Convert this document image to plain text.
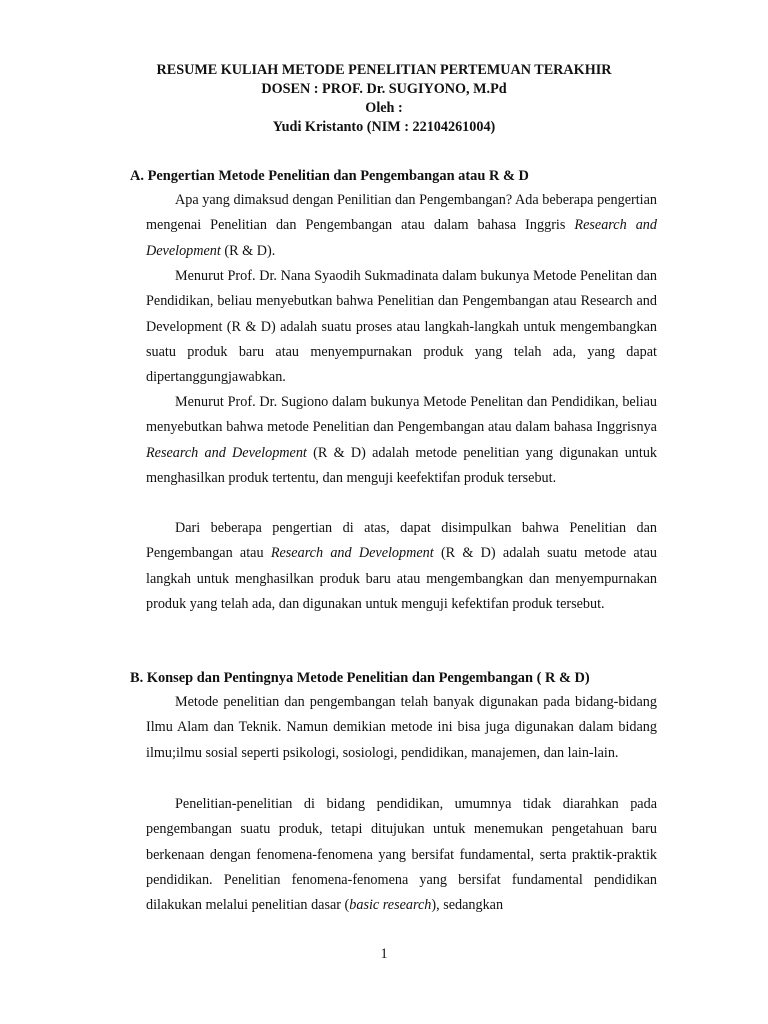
RESUME KULIAH METODE PENELITIAN PERTEMUAN TERAKHIR
DOSEN : PROF. Dr. SUGIYONO, M.Pd
Oleh :
Yudi Kristanto (NIM : 22104261004)
A. Pengertian Metode Penelitian dan Pengembangan atau R & D

Apa yang dimaksud dengan Penilitian dan Pengembangan? Ada beberapa pengertian mengenai Penelitian dan Pengembangan atau dalam bahasa Inggris Research and Development (R & D).

Menurut Prof. Dr. Nana Syaodih Sukmadinata dalam bukunya Metode Penelitan dan Pendidikan, beliau menyebutkan bahwa Penelitian dan Pengembangan atau Research and Development (R & D) adalah suatu proses atau langkah-langkah untuk mengembangkan suatu produk baru atau menyempurnakan produk yang telah ada, yang dapat dipertanggungjawabkan.

Menurut Prof. Dr. Sugiono dalam bukunya Metode Penelitan dan Pendidikan, beliau menyebutkan bahwa metode Penelitian dan Pengembangan atau dalam bahasa Inggrisnya Research and Development (R & D) adalah metode penelitian yang digunakan untuk menghasilkan produk tertentu, dan menguji keefektifan produk tersebut.

Dari beberapa pengertian di atas, dapat disimpulkan bahwa Penelitian dan Pengembangan atau Research and Development (R & D) adalah suatu metode atau langkah untuk menghasilkan produk baru atau mengembangkan dan menyempurnakan produk yang telah ada, dan digunakan untuk menguji kefektifan produk tersebut.

B. Konsep dan Pentingnya Metode Penelitian dan Pengembangan ( R & D)

Metode penelitian dan pengembangan telah banyak digunakan pada bidang-bidang Ilmu Alam dan Teknik. Namun demikian metode ini bisa juga digunakan dalam bidang ilmu;ilmu sosial seperti psikologi, sosiologi, pendidikan, manajemen, dan lain-lain.

Penelitian-penelitian di bidang pendidikan, umumnya tidak diarahkan pada pengembangan suatu produk, tetapi ditujukan untuk menemukan pengetahuan baru berkenaan dengan fenomena-fenomena yang bersifat fundamental, serta praktik-praktik pendidikan. Penelitian fenomena-fenomena yang bersifat fundamental pendidikan dilakukan melalui penelitian dasar (basic research), sedangkan

1
